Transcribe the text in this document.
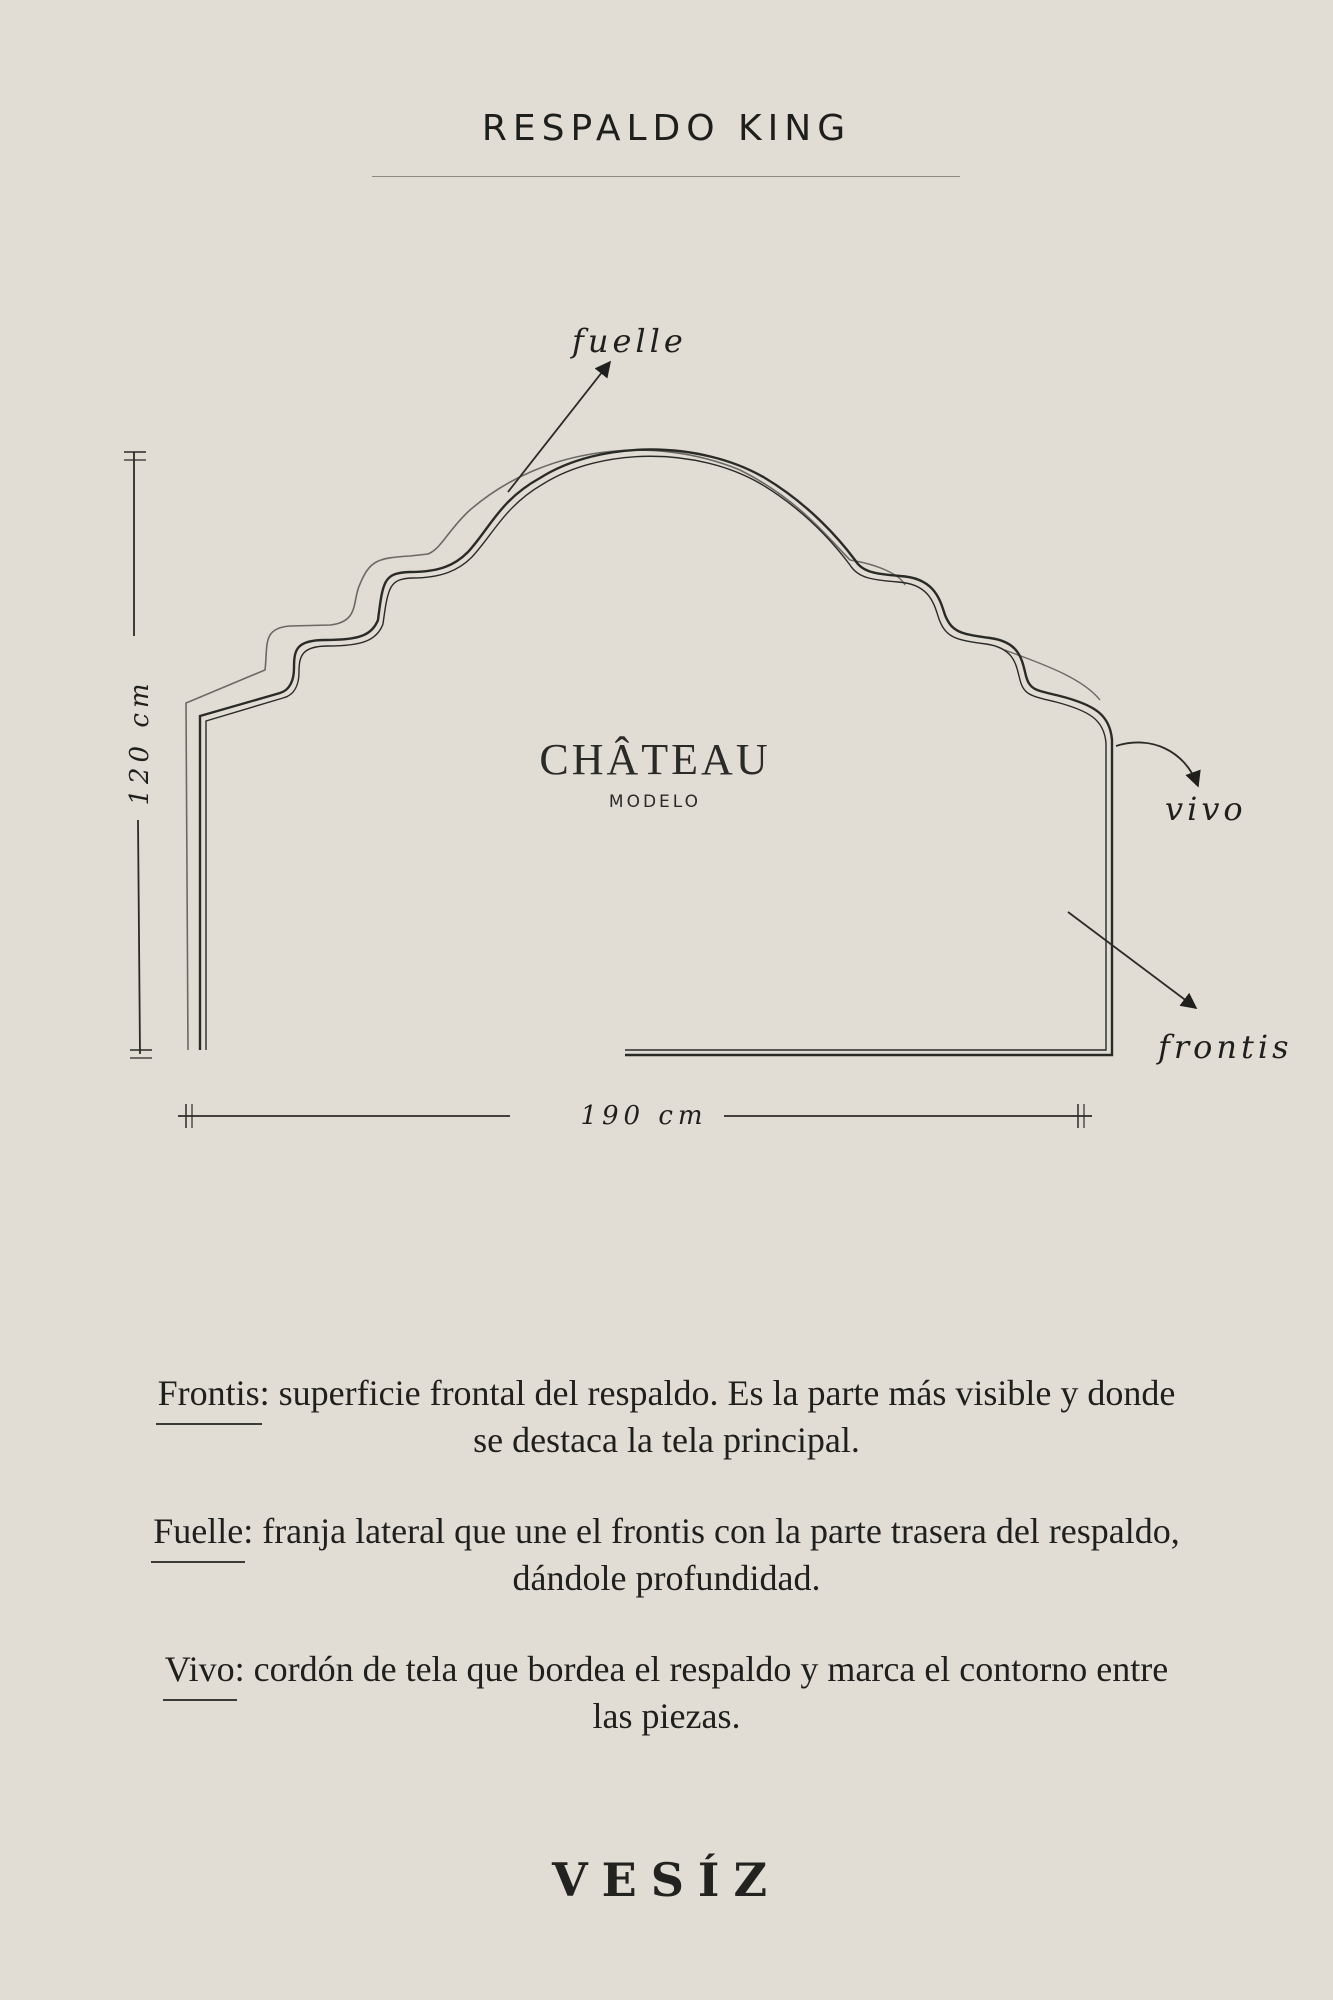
RESPALDO KING
fuelle
vivo
frontis
CHÂTEAU
MODELO
120 cm
190 cm

Frontis: superficie frontal del respaldo. Es la parte más visible y donde se destaca la tela principal.

Fuelle: franja lateral que une el frontis con la parte trasera del respaldo, dándole profundidad.

Vivo: cordón de tela que bordea el respaldo y marca el contorno entre las piezas.

VESÍZ
